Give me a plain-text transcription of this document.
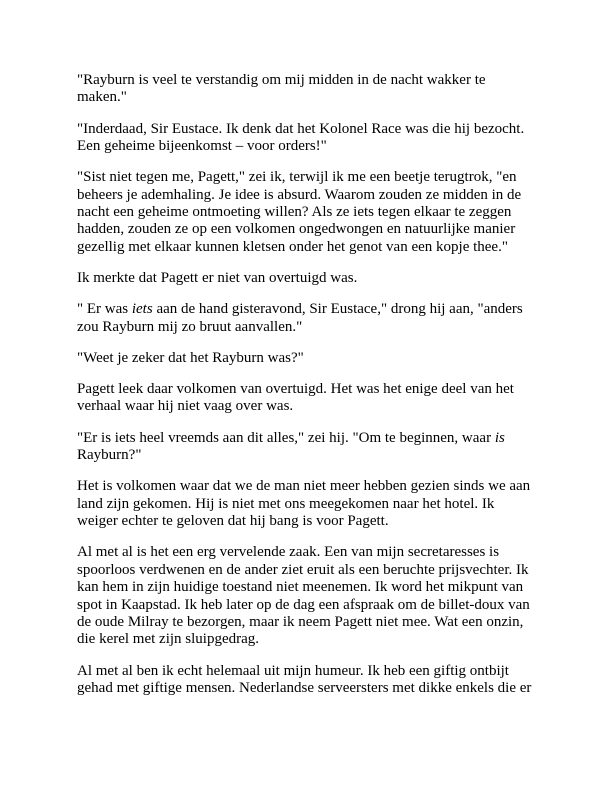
"Rayburn is veel te verstandig om mij midden in de nacht wakker te maken."

"Inderdaad, Sir Eustace. Ik denk dat het Kolonel Race was die hij bezocht. Een geheime bijeenkomst – voor orders!"

"Sist niet tegen me, Pagett," zei ik, terwijl ik me een beetje terugtrok, "en beheers je ademhaling. Je idee is absurd. Waarom zouden ze midden in de nacht een geheime ontmoeting willen? Als ze iets tegen elkaar te zeggen hadden, zouden ze op een volkomen ongedwongen en natuurlijke manier gezellig met elkaar kunnen kletsen onder het genot van een kopje thee."

Ik merkte dat Pagett er niet van overtuigd was.

" Er was iets aan de hand gisteravond, Sir Eustace," drong hij aan, "anders zou Rayburn mij zo bruut aanvallen."

"Weet je zeker dat het Rayburn was?"

Pagett leek daar volkomen van overtuigd. Het was het enige deel van het verhaal waar hij niet vaag over was.

"Er is iets heel vreemds aan dit alles," zei hij. "Om te beginnen, waar is Rayburn?"

Het is volkomen waar dat we de man niet meer hebben gezien sinds we aan land zijn gekomen. Hij is niet met ons meegekomen naar het hotel. Ik weiger echter te geloven dat hij bang is voor Pagett.

Al met al is het een erg vervelende zaak. Een van mijn secretaresses is spoorloos verdwenen en de ander ziet eruit als een beruchte prijsvechter. Ik kan hem in zijn huidige toestand niet meenemen. Ik word het mikpunt van spot in Kaapstad. Ik heb later op de dag een afspraak om de billet-doux van de oude Milray te bezorgen, maar ik neem Pagett niet mee. Wat een onzin, die kerel met zijn sluipgedrag.

Al met al ben ik echt helemaal uit mijn humeur. Ik heb een giftig ontbijt gehad met giftige mensen. Nederlandse serveersters met dikke enkels die er
